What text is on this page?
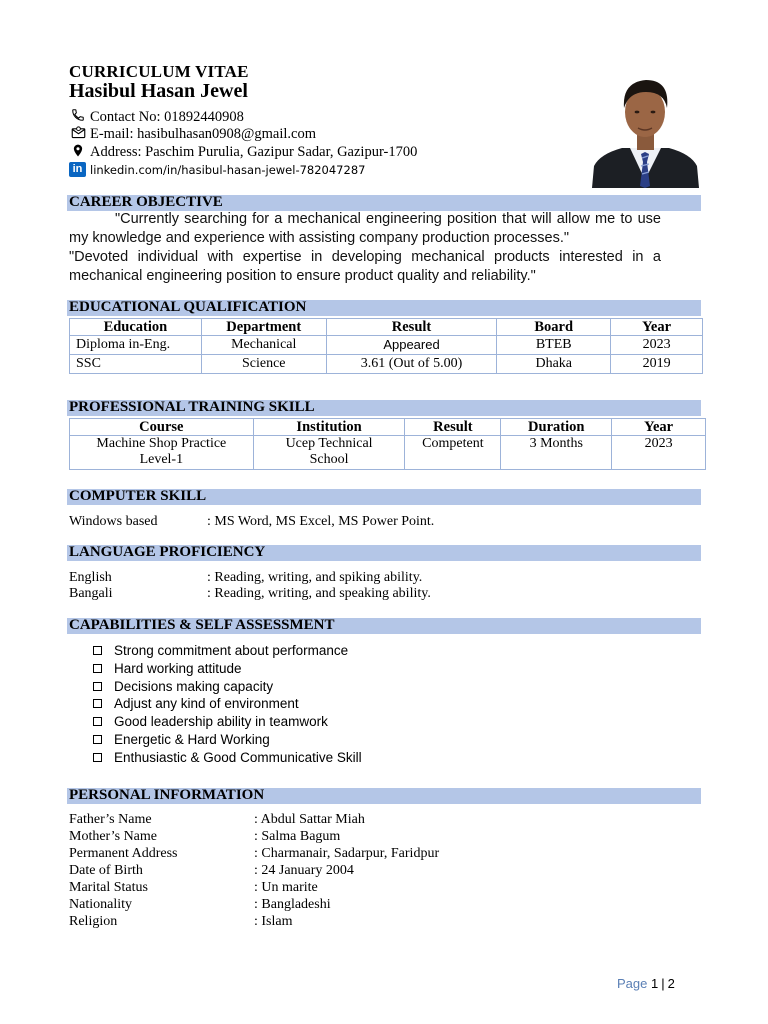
CURRICULUM VITAE
Hasibul Hasan Jewel
Contact No: 01892440908
E-mail: hasibulhasan0908@gmail.com
Address: Paschim Purulia, Gazipur Sadar, Gazipur-1700
in linkedin.com/in/hasibul-hasan-jewel-782047287
CAREER OBJECTIVE

"Currently searching for a mechanical engineering position that will allow me to use my knowledge and experience with assisting company production processes."

"Devoted individual with expertise in developing mechanical products interested in a mechanical engineering position to ensure product quality and reliability."

EDUCATIONAL QUALIFICATION
Education	Department	Result	Board	Year
Diploma in-Eng.	Mechanical	Appeared	BTEB	2023
SSC	Science	3.61 (Out of 5.00)	Dhaka	2019
PROFESSIONAL TRAINING SKILL
Course	Institution	Result	Duration	Year
Machine Shop Practice Level-1	Ucep Technical School	Competent	3 Months	2023
COMPUTER SKILL
Windows based	: MS Word, MS Excel, MS Power Point.
LANGUAGE PROFICIENCY
English	: Reading, writing, and spiking ability.
Bangali	: Reading, writing, and speaking ability.
CAPABILITIES & SELF ASSESSMENT
Strong commitment about performance
Hard working attitude
Decisions making capacity
Adjust any kind of environment
Good leadership ability in teamwork
Energetic & Hard Working
Enthusiastic & Good Communicative Skill
PERSONAL INFORMATION
Father’s Name	: Abdul Sattar Miah
Mother’s Name	: Salma Bagum
Permanent Address	: Charmanair, Sadarpur, Faridpur
Date of Birth	: 24 January 2004
Marital Status	: Un marite
Nationality	: Bangladeshi
Religion	: Islam
Page 1 | 2
